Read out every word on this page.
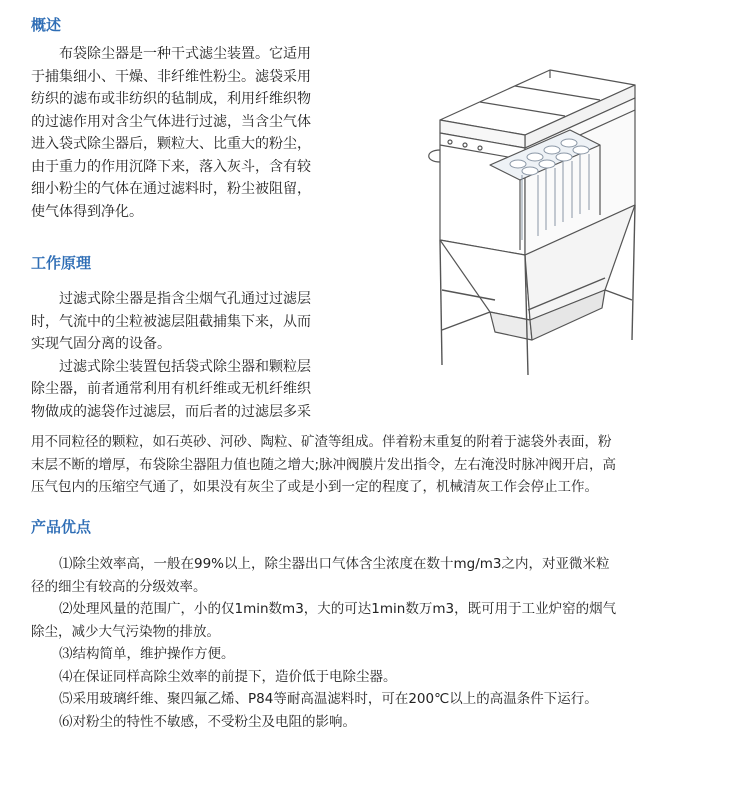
概述
布袋除尘器是一种干式滤尘装置。它适用
于捕集细小、干燥、非纤维性粉尘。滤袋采用
纺织的滤布或非纺织的毡制成，利用纤维织物
的过滤作用对含尘气体进行过滤，当含尘气体
进入袋式除尘器后，颗粒大、比重大的粉尘，
由于重力的作用沉降下来，落入灰斗，含有较
细小粉尘的气体在通过滤料时，粉尘被阻留，
使气体得到净化。
工作原理
过滤式除尘器是指含尘烟气孔通过过滤层
时，气流中的尘粒被滤层阻截捕集下来，从而
实现气固分离的设备。
过滤式除尘装置包括袋式除尘器和颗粒层
除尘器，前者通常利用有机纤维或无机纤维织
物做成的滤袋作过滤层，而后者的过滤层多采
用不同粒径的颗粒，如石英砂、河砂、陶粒、矿渣等组成。伴着粉末重复的附着于滤袋外表面，粉
末层不断的增厚，布袋除尘器阻力值也随之增大;脉冲阀膜片发出指令，左右淹没时脉冲阀开启，高
压气包内的压缩空气通了，如果没有灰尘了或是小到一定的程度了，机械清灰工作会停止工作。
产品优点
⑴除尘效率高，一般在99%以上，除尘器出口气体含尘浓度在数十mg/m3之内，对亚微米粒
径的细尘有较高的分级效率。
⑵处理风量的范围广，小的仅1min数m3，大的可达1min数万m3，既可用于工业炉窑的烟气
除尘，减少大气污染物的排放。
⑶结构简单，维护操作方便。
⑷在保证同样高除尘效率的前提下，造价低于电除尘器。
⑸采用玻璃纤维、聚四氟乙烯、P84等耐高温滤料时，可在200℃以上的高温条件下运行。
⑹对粉尘的特性不敏感，不受粉尘及电阻的影响。
